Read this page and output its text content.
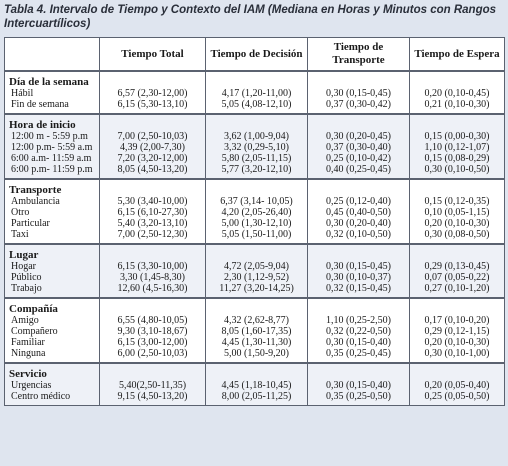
Tabla 4. Intervalo de Tiempo y Contexto del IAM (Mediana en Horas y Minutos con Rangos Intercuartílicos)
	Tiempo Total	Tiempo de Decisión	Tiempo de Transporte	Tiempo de Espera
Día de la semana				
Hábil	6,57 (2,30-12,00)	4,17 (1,20-11,00)	0,30 (0,15-0,45)	0,20 (0,10-0,45)
Fin de semana	6,15 (5,30-13,10)	5,05 (4,08-12,10)	0,37 (0,30-0,42)	0,21 (0,10-0,30)
Hora de inicio				
12:00 m - 5:59 p.m	7,00 (2,50-10,03)	3,62 (1,00-9,04)	0,30 (0,20-0,45)	0,15 (0,00-0,30)
12:00 p.m- 5:59 a.m	4,39 (2,00-7,30)	3,32 (0,29-5,10)	0,37 (0,30-0,40)	1,10 (0,12-1,07)
6:00 a.m- 11:59 a.m	7,20 (3,20-12,00)	5,80 (2,05-11,15)	0,25 (0,10-0,42)	0,15 (0,08-0,29)
6:00 p.m- 11:59 p.m	8,05 (4,50-13,20)	5,77 (3,20-12,10)	0,40 (0,25-0,45)	0,30 (0,10-0,50)
Transporte				
Ambulancia	5,30 (3,40-10,00)	6,37 (3,14- 10,05)	0,25 (0,12-0,40)	0,15 (0,12-0,35)
Otro	6,15 (6,10-27,30)	4,20 (2,05-26,40)	0,45 (0,40-0,50)	0,10 (0,05-1,15)
Particular	5,40 (3,20-13,10)	5,00 (1,30-12,10)	0,30 (0,20-0,40)	0,20 (0,10-0,30)
Taxi	7,00 (2,50-12,30)	5,05 (1,50-11,00)	0,32 (0,10-0,50)	0,30 (0,08-0,50)
Lugar				
Hogar	6,15 (3,30-10,00)	4,72 (2,05-9,04)	0,30 (0,15-0,45)	0,29 (0,13-0,45)
Público	3,30 (1,45-8,30)	2,30 (1,12-9,52)	0,30 (0,10-0,37)	0,07 (0,05-0,22)
Trabajo	12,60 (4,5-16,30)	11,27 (3,20-14,25)	0,32 (0,15-0,45)	0,27 (0,10-1,20)
Compañía				
Amigo	6,55 (4,80-10,05)	4,32 (2,62-8,77)	1,10 (0,25-2,50)	0,17 (0,10-0,20)
Compañero	9,30 (3,10-18,67)	8,05 (1,60-17,35)	0,32 (0,22-0,50)	0,29 (0,12-1,15)
Familiar	6,15 (3,00-12,00)	4,45 (1,30-11,30)	0,30 (0,15-0,40)	0,20 (0,10-0,30)
Ninguna	6,00 (2,50-10,03)	5,00 (1,50-9,20)	0,35 (0,25-0,45)	0,30 (0,10-1,00)
Servicio				
Urgencias	5,40(2,50-11,35)	4,45 (1,18-10,45)	0,30 (0,15-0,40)	0,20 (0,05-0,40)
Centro médico	9,15 (4,50-13,20)	8,00 (2,05-11,25)	0,35 (0,25-0,50)	0,25 (0,05-0,50)
